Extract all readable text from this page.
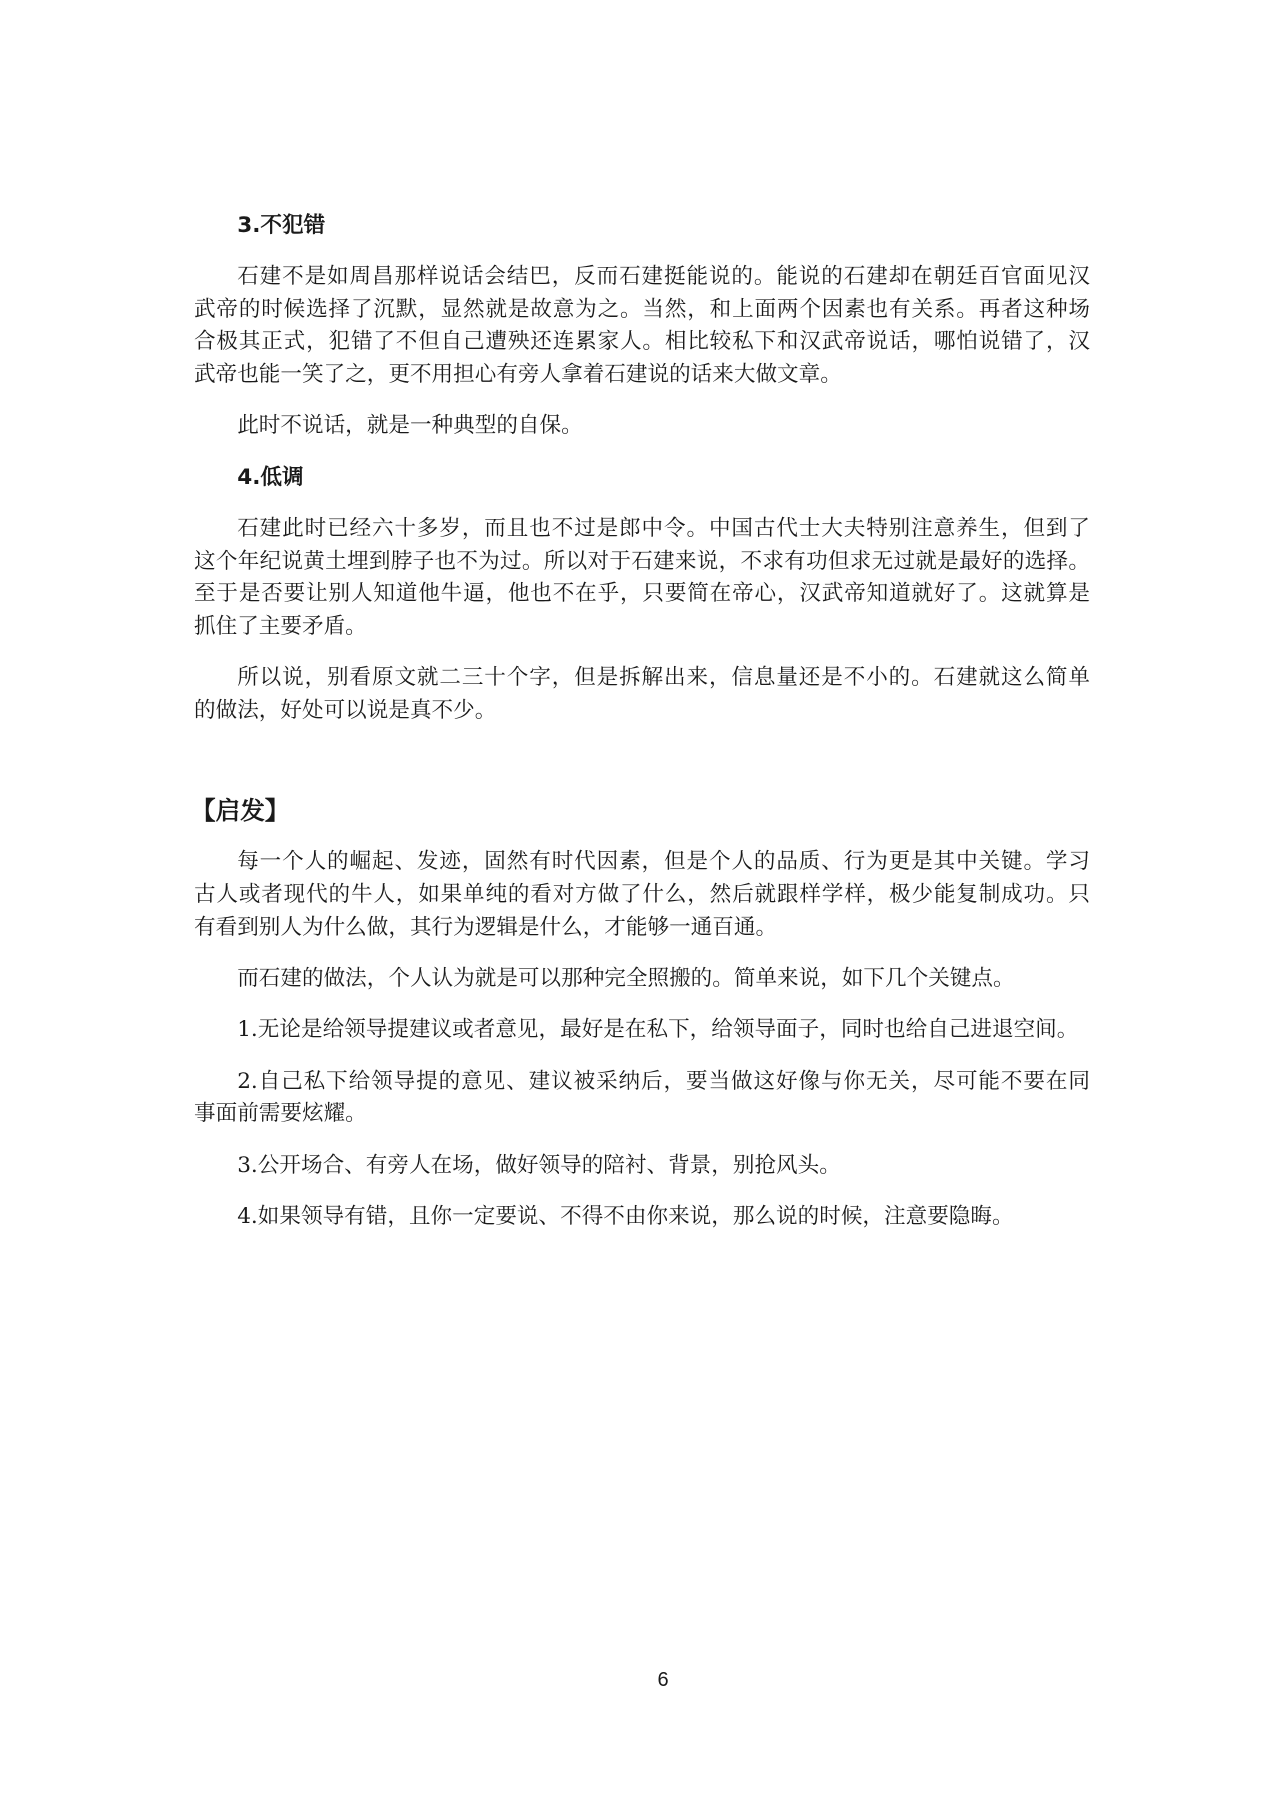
3.不犯错
石建不是如周昌那样说话会结巴，反而石建挺能说的。能说的石建却在朝廷百官面见汉
武帝的时候选择了沉默，显然就是故意为之。当然，和上面两个因素也有关系。再者这种场
合极其正式，犯错了不但自己遭殃还连累家人。相比较私下和汉武帝说话，哪怕说错了，汉
武帝也能一笑了之，更不用担心有旁人拿着石建说的话来大做文章。
此时不说话，就是一种典型的自保。
4.低调
石建此时已经六十多岁，而且也不过是郎中令。中国古代士大夫特别注意养生，但到了
这个年纪说黄土埋到脖子也不为过。所以对于石建来说，不求有功但求无过就是最好的选择。
至于是否要让别人知道他牛逼，他也不在乎，只要简在帝心，汉武帝知道就好了。这就算是
抓住了主要矛盾。
所以说，别看原文就二三十个字，但是拆解出来，信息量还是不小的。石建就这么简单
的做法，好处可以说是真不少。
【启发】
每一个人的崛起、发迹，固然有时代因素，但是个人的品质、行为更是其中关键。学习
古人或者现代的牛人，如果单纯的看对方做了什么，然后就跟样学样，极少能复制成功。只
有看到别人为什么做，其行为逻辑是什么，才能够一通百通。
而石建的做法，个人认为就是可以那种完全照搬的。简单来说，如下几个关键点。
1.无论是给领导提建议或者意见，最好是在私下，给领导面子，同时也给自己进退空间。
2.自己私下给领导提的意见、建议被采纳后，要当做这好像与你无关，尽可能不要在同
事面前需要炫耀。
3.公开场合、有旁人在场，做好领导的陪衬、背景，别抢风头。
4.如果领导有错，且你一定要说、不得不由你来说，那么说的时候，注意要隐晦。
6
